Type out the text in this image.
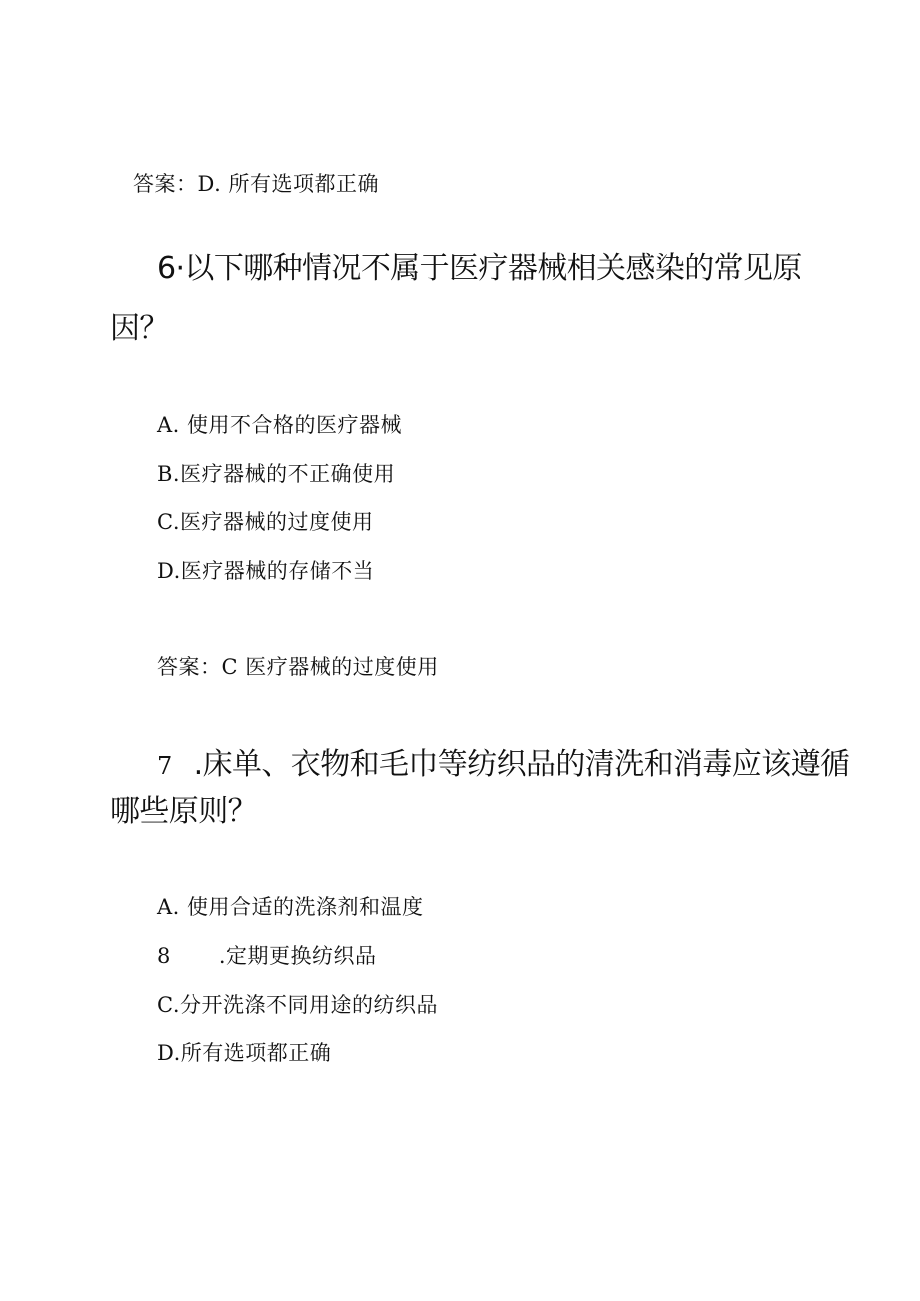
答案：D. 所有选项都正确
6·以下哪种情况不属于医疗器械相关感染的常见原
因？
A. 使用不合格的医疗器械
B.医疗器械的不正确使用
C.医疗器械的过度使用
D.医疗器械的存储不当
答案：C 医疗器械的过度使用
7 .床单、衣物和毛巾等纺织品的清洗和消毒应该遵循
哪些原则？
A. 使用合适的洗涤剂和温度
8 .定期更换纺织品
C.分开洗涤不同用途的纺织品
D.所有选项都正确
